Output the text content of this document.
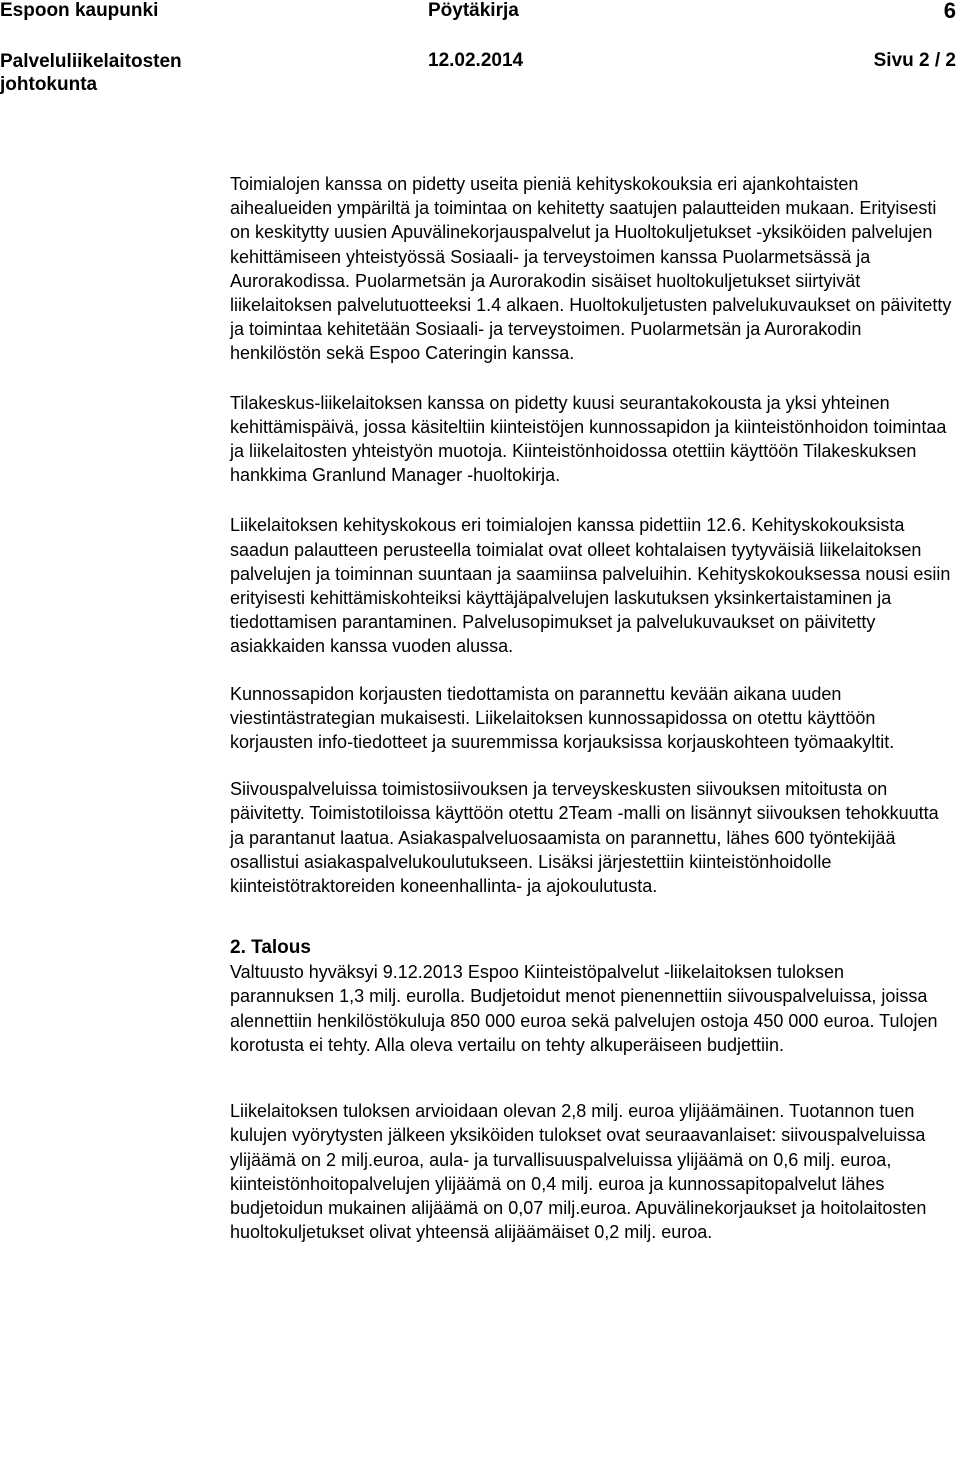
Espoon kaupunki	Pöytäkirja	6
Palveluliikelaitosten johtokunta
12.02.2014	Sivu 2 / 2

Toimialojen kanssa on pidetty useita pieniä kehityskokouksia eri ajankohtaisten aihealueiden ympäriltä ja toimintaa on kehitetty saatujen palautteiden mukaan. Erityisesti on keskitytty uusien Apuvälinekorjauspalvelut ja Huoltokuljetukset -yksiköiden palvelujen kehittämiseen yhteistyössä Sosiaali- ja terveystoimen kanssa Puolarmetsässä ja Aurorakodissa. Puolarmetsän ja Aurorakodin sisäiset huoltokuljetukset siirtyivät liikelaitoksen palvelutuotteeksi 1.4 alkaen. Huoltokuljetusten palvelukuvaukset on päivitetty ja toimintaa kehitetään Sosiaali- ja terveystoimen. Puolarmetsän ja Aurorakodin henkilöstön sekä Espoo Cateringin kanssa.

Tilakeskus-liikelaitoksen kanssa on pidetty kuusi seurantakokousta ja yksi yhteinen kehittämispäivä, jossa käsiteltiin kiinteistöjen kunnossapidon ja kiinteistönhoidon toimintaa ja liikelaitosten yhteistyön muotoja. Kiinteistönhoidossa otettiin käyttöön Tilakeskuksen hankkima Granlund Manager -huoltokirja.

Liikelaitoksen kehityskokous eri toimialojen kanssa pidettiin 12.6. Kehityskokouksista saadun palautteen perusteella toimialat ovat olleet kohtalaisen tyytyväisiä liikelaitoksen palvelujen ja toiminnan suuntaan ja saamiinsa palveluihin. Kehityskokouksessa nousi esiin erityisesti kehittämiskohteiksi käyttäjäpalvelujen laskutuksen yksinkertaistaminen ja tiedottamisen parantaminen. Palvelusopimukset ja palvelukuvaukset on päivitetty asiakkaiden kanssa vuoden alussa.

Kunnossapidon korjausten tiedottamista on parannettu kevään aikana uuden viestintästrategian mukaisesti. Liikelaitoksen kunnossapidossa on otettu käyttöön korjausten info-tiedotteet ja suuremmissa korjauksissa korjauskohteen työmaakyltit.

Siivouspalveluissa toimistosiivouksen ja terveyskeskusten siivouksen mitoitusta on päivitetty. Toimistotiloissa käyttöön otettu 2Team -malli on lisännyt siivouksen tehokkuutta ja parantanut laatua. Asiakaspalveluosaamista on parannettu, lähes 600 työntekijää osallistui asiakaspalvelukoulutukseen. Lisäksi järjestettiin kiinteistönhoidolle kiinteistötraktoreiden koneenhallinta- ja ajokoulutusta.

2. Talous

Valtuusto hyväksyi 9.12.2013 Espoo Kiinteistöpalvelut -liikelaitoksen tuloksen parannuksen 1,3 milj. eurolla. Budjetoidut menot pienennettiin siivouspalveluissa, joissa alennettiin henkilöstökuluja 850 000 euroa sekä palvelujen ostoja 450 000 euroa. Tulojen korotusta ei tehty. Alla oleva vertailu on tehty alkuperäiseen budjettiin.

Liikelaitoksen tuloksen arvioidaan olevan 2,8 milj. euroa ylijäämäinen. Tuotannon tuen kulujen vyörytysten jälkeen yksiköiden tulokset ovat seuraavanlaiset: siivouspalveluissa ylijäämä on 2 milj.euroa, aula- ja turvallisuuspalveluissa ylijäämä on 0,6 milj. euroa, kiinteistönhoitopalvelujen ylijäämä on 0,4 milj. euroa ja kunnossapitopalvelut lähes budjetoidun mukainen alijäämä on 0,07 milj.euroa. Apuvälinekorjaukset ja hoitolaitosten huoltokuljetukset olivat yhteensä alijäämäiset 0,2 milj. euroa.
